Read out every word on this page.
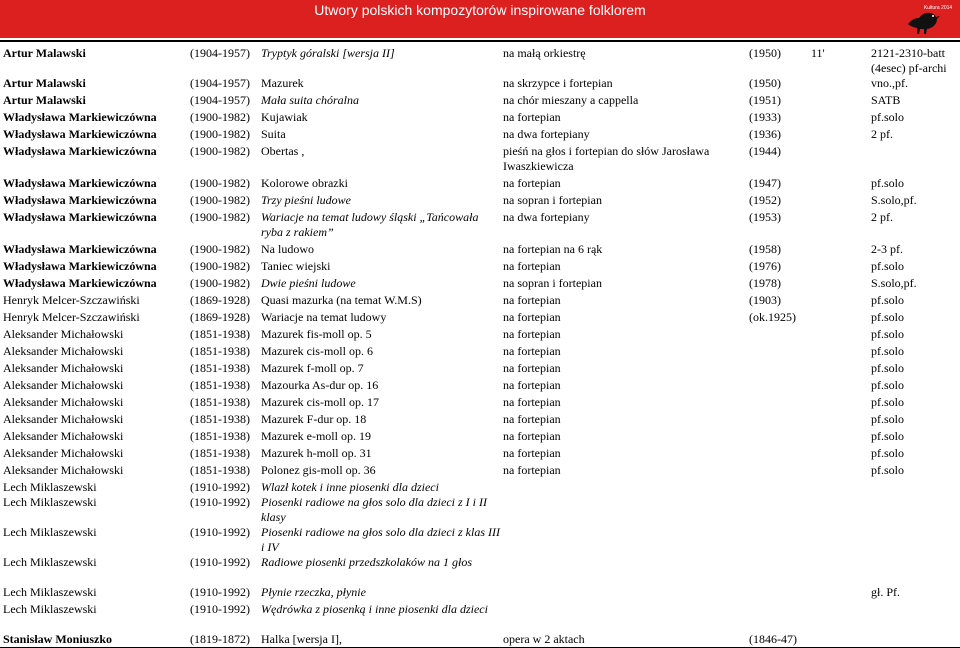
Utwory polskich kompozytorów inspirowane folklorem	Kultura 2014
Artur Malawski	(1904-1957)	Tryptyk góralski [wersja II]	na małą orkiestrę	(1950)	11'	2121-2310-batt (4esec) pf-archi
Artur Malawski	(1904-1957)	Mazurek	na skrzypce i fortepian	(1950)		vno.,pf.
Artur Malawski	(1904-1957)	Mała suita chóralna	na chór mieszany a cappella	(1951)		SATB
Władysława Markiewiczówna	(1900-1982)	Kujawiak	na fortepian	(1933)		pf.solo
Władysława Markiewiczówna	(1900-1982)	Suita	na dwa fortepiany	(1936)		2 pf.
Władysława Markiewiczówna	(1900-1982)	Obertas ,	pieśń na głos i fortepian do słów Jarosława Iwaszkiewicza	(1944)		
Władysława Markiewiczówna	(1900-1982)	Kolorowe obrazki	na fortepian	(1947)		pf.solo
Władysława Markiewiczówna	(1900-1982)	Trzy pieśni ludowe	na sopran i fortepian	(1952)		S.solo,pf.
Władysława Markiewiczówna	(1900-1982)	Wariacje na temat ludowy śląski „Tańcowała ryba z rakiem”	na dwa fortepiany	(1953)		2 pf.
Władysława Markiewiczówna	(1900-1982)	Na ludowo	na fortepian na 6 rąk	(1958)		2-3 pf.
Władysława Markiewiczówna	(1900-1982)	Taniec wiejski	na fortepian	(1976)		pf.solo
Władysława Markiewiczówna	(1900-1982)	Dwie pieśni ludowe	na sopran i fortepian	(1978)		S.solo,pf.
Henryk Melcer-Szczawiński	(1869-1928)	Quasi mazurka (na temat W.M.S)	na fortepian	(1903)		pf.solo
Henryk Melcer-Szczawiński	(1869-1928)	Wariacje na temat ludowy	na fortepian	(ok.1925)		pf.solo
Aleksander Michałowski	(1851-1938)	Mazurek fis-moll op. 5	na fortepian			pf.solo
Aleksander Michałowski	(1851-1938)	Mazurek cis-moll op. 6	na fortepian			pf.solo
Aleksander Michałowski	(1851-1938)	Mazurek f-moll op. 7	na fortepian			pf.solo
Aleksander Michałowski	(1851-1938)	Mazourka As-dur op. 16	na fortepian			pf.solo
Aleksander Michałowski	(1851-1938)	Mazurek cis-moll op. 17	na fortepian			pf.solo
Aleksander Michałowski	(1851-1938)	Mazurek F-dur op. 18	na fortepian			pf.solo
Aleksander Michałowski	(1851-1938)	Mazurek e-moll op. 19	na fortepian			pf.solo
Aleksander Michałowski	(1851-1938)	Mazurek h-moll op. 31	na fortepian			pf.solo
Aleksander Michałowski	(1851-1938)	Polonez gis-moll op. 36	na fortepian			pf.solo
Lech Miklaszewski	(1910-1992)	Wlazł kotek i inne piosenki dla dzieci				
Lech Miklaszewski	(1910-1992)	Piosenki radiowe na głos solo dla dzieci z I i II klasy				
Lech Miklaszewski	(1910-1992)	Piosenki radiowe na głos solo dla dzieci z klas III i IV				
Lech Miklaszewski	(1910-1992)	Radiowe piosenki przedszkolaków na 1 głos				
Lech Miklaszewski	(1910-1992)	Płynie rzeczka, płynie				gł. Pf.
Lech Miklaszewski	(1910-1992)	Wędrówka z piosenką i inne piosenki dla dzieci				
Stanisław Moniuszko	(1819-1872)	Halka [wersja I],	opera w 2 aktach	(1846-47)		
